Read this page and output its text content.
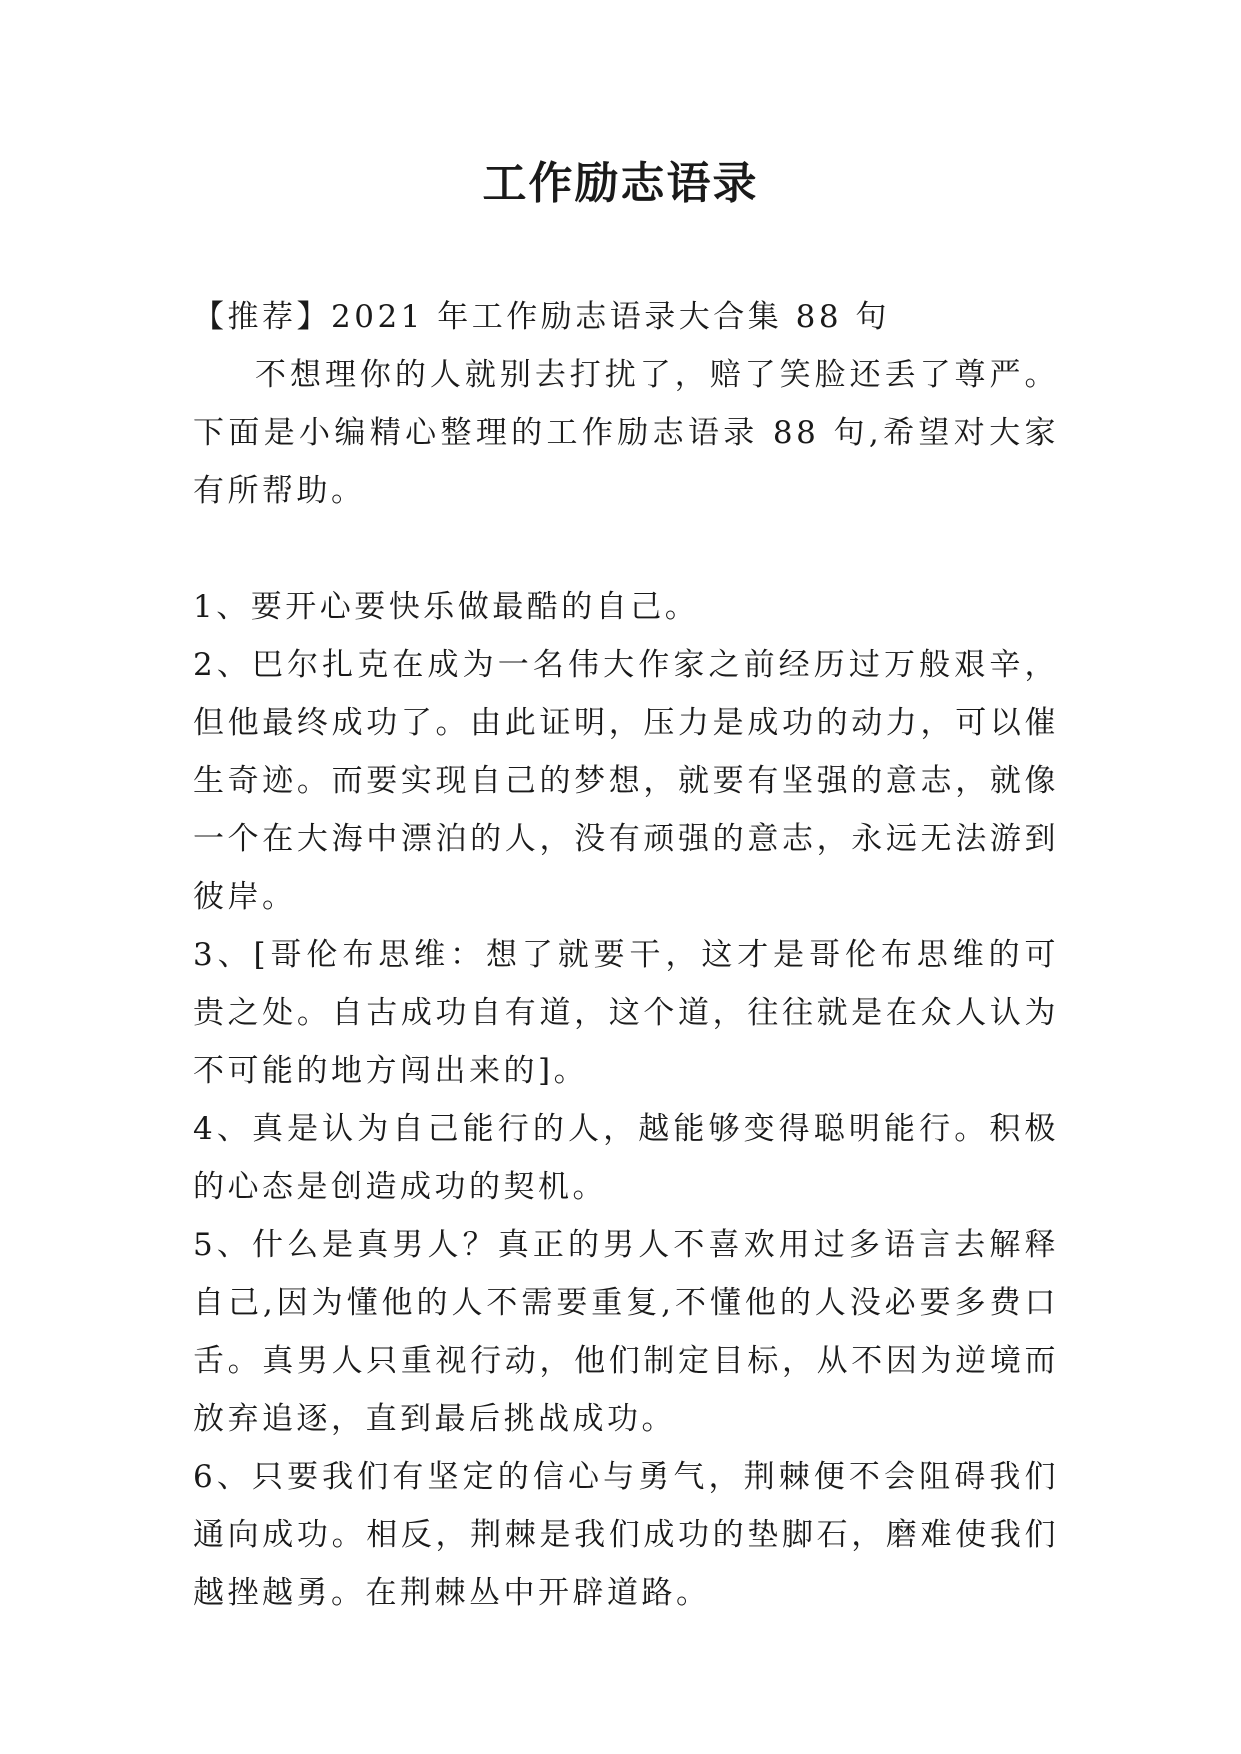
工作励志语录

【推荐】2021 年工作励志语录大合集 88 句

不想理你的人就别去打扰了，赔了笑脸还丢了尊严。下面是小编精心整理的工作励志语录 88 句,希望对大家有所帮助。

1、要开心要快乐做最酷的自己。

2、巴尔扎克在成为一名伟大作家之前经历过万般艰辛，但他最终成功了。由此证明，压力是成功的动力，可以催生奇迹。而要实现自己的梦想，就要有坚强的意志，就像一个在大海中漂泊的人，没有顽强的意志，永远无法游到彼岸。

3、[哥伦布思维：想了就要干，这才是哥伦布思维的可贵之处。自古成功自有道，这个道，往往就是在众人认为不可能的地方闯出来的]。

4、真是认为自己能行的人，越能够变得聪明能行。积极的心态是创造成功的契机。

5、什么是真男人？真正的男人不喜欢用过多语言去解释自己,因为懂他的人不需要重复,不懂他的人没必要多费口舌。真男人只重视行动，他们制定目标，从不因为逆境而放弃追逐，直到最后挑战成功。

6、只要我们有坚定的信心与勇气，荆棘便不会阻碍我们通向成功。相反，荆棘是我们成功的垫脚石，磨难使我们越挫越勇。在荆棘丛中开辟道路。
